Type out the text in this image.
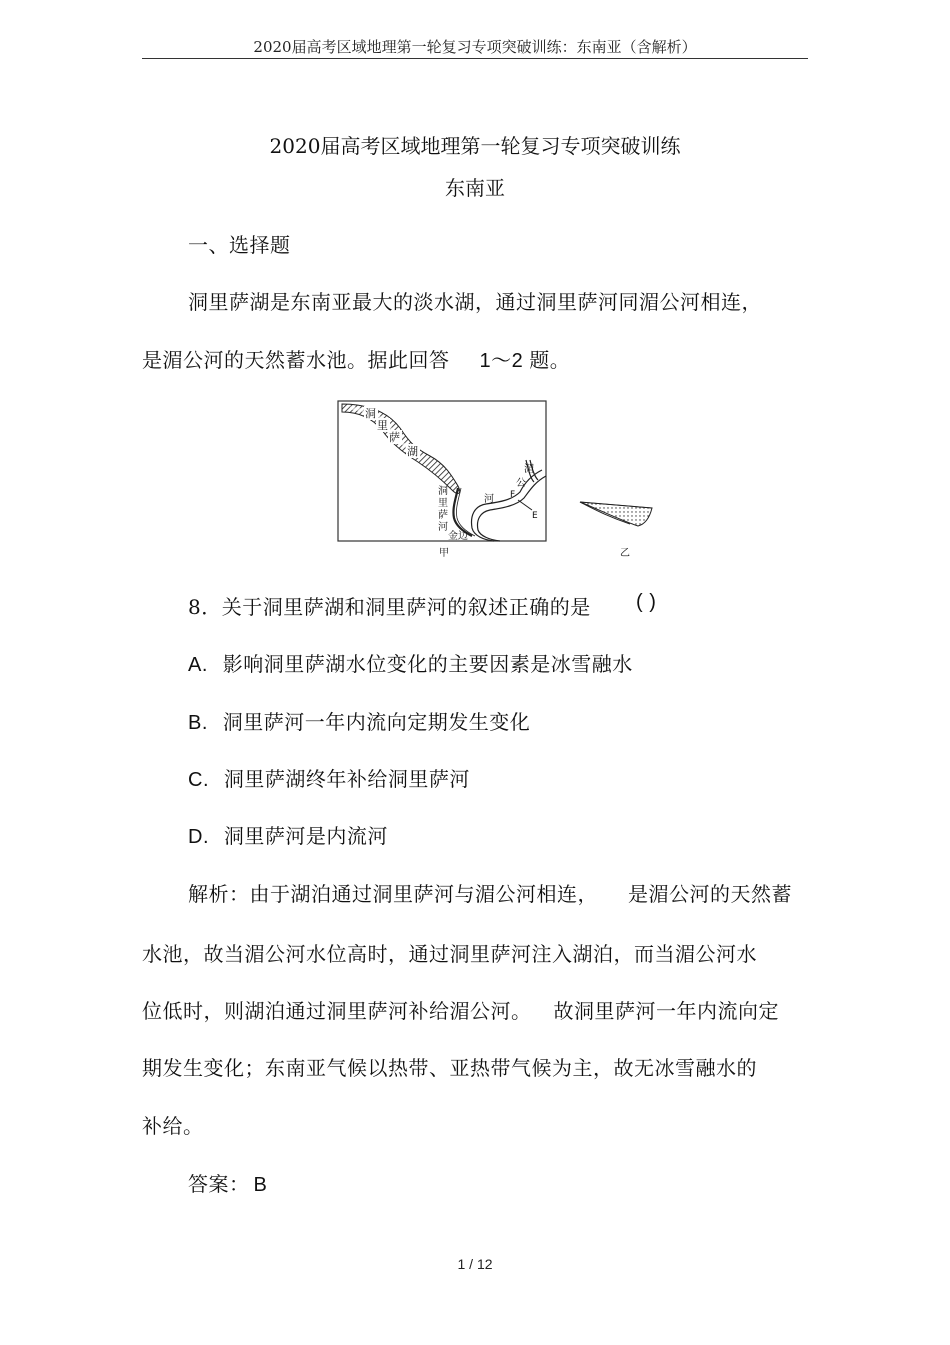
2020届高考区域地理第一轮复习专项突破训练：东南亚（含解析）
2020届高考区域地理第一轮复习专项突破训练
东南亚
一、选择题
洞里萨湖是东南亚最大的淡水湖，通过洞里萨河同湄公河相连，
是湄公河的天然蓄水池。据此回答 1～2 题。
洞
里
萨
湖
F
E
洞
里
萨
河
湄
公
河
金边
甲	乙
8．关于洞里萨湖和洞里萨河的叙述正确的是 ( )
A. 影响洞里萨湖水位变化的主要因素是冰雪融水
B. 洞里萨河一年内流向定期发生变化
C. 洞里萨湖终年补给洞里萨河
D. 洞里萨河是内流河
解析：由于湖泊通过洞里萨河与湄公河相连， 是湄公河的天然蓄
水池，故当湄公河水位高时，通过洞里萨河注入湖泊，而当湄公河水
位低时，则湖泊通过洞里萨河补给湄公河。 故洞里萨河一年内流向定
期发生变化；东南亚气候以热带、亚热带气候为主，故无冰雪融水的
补给。
答案： B
1 / 12
